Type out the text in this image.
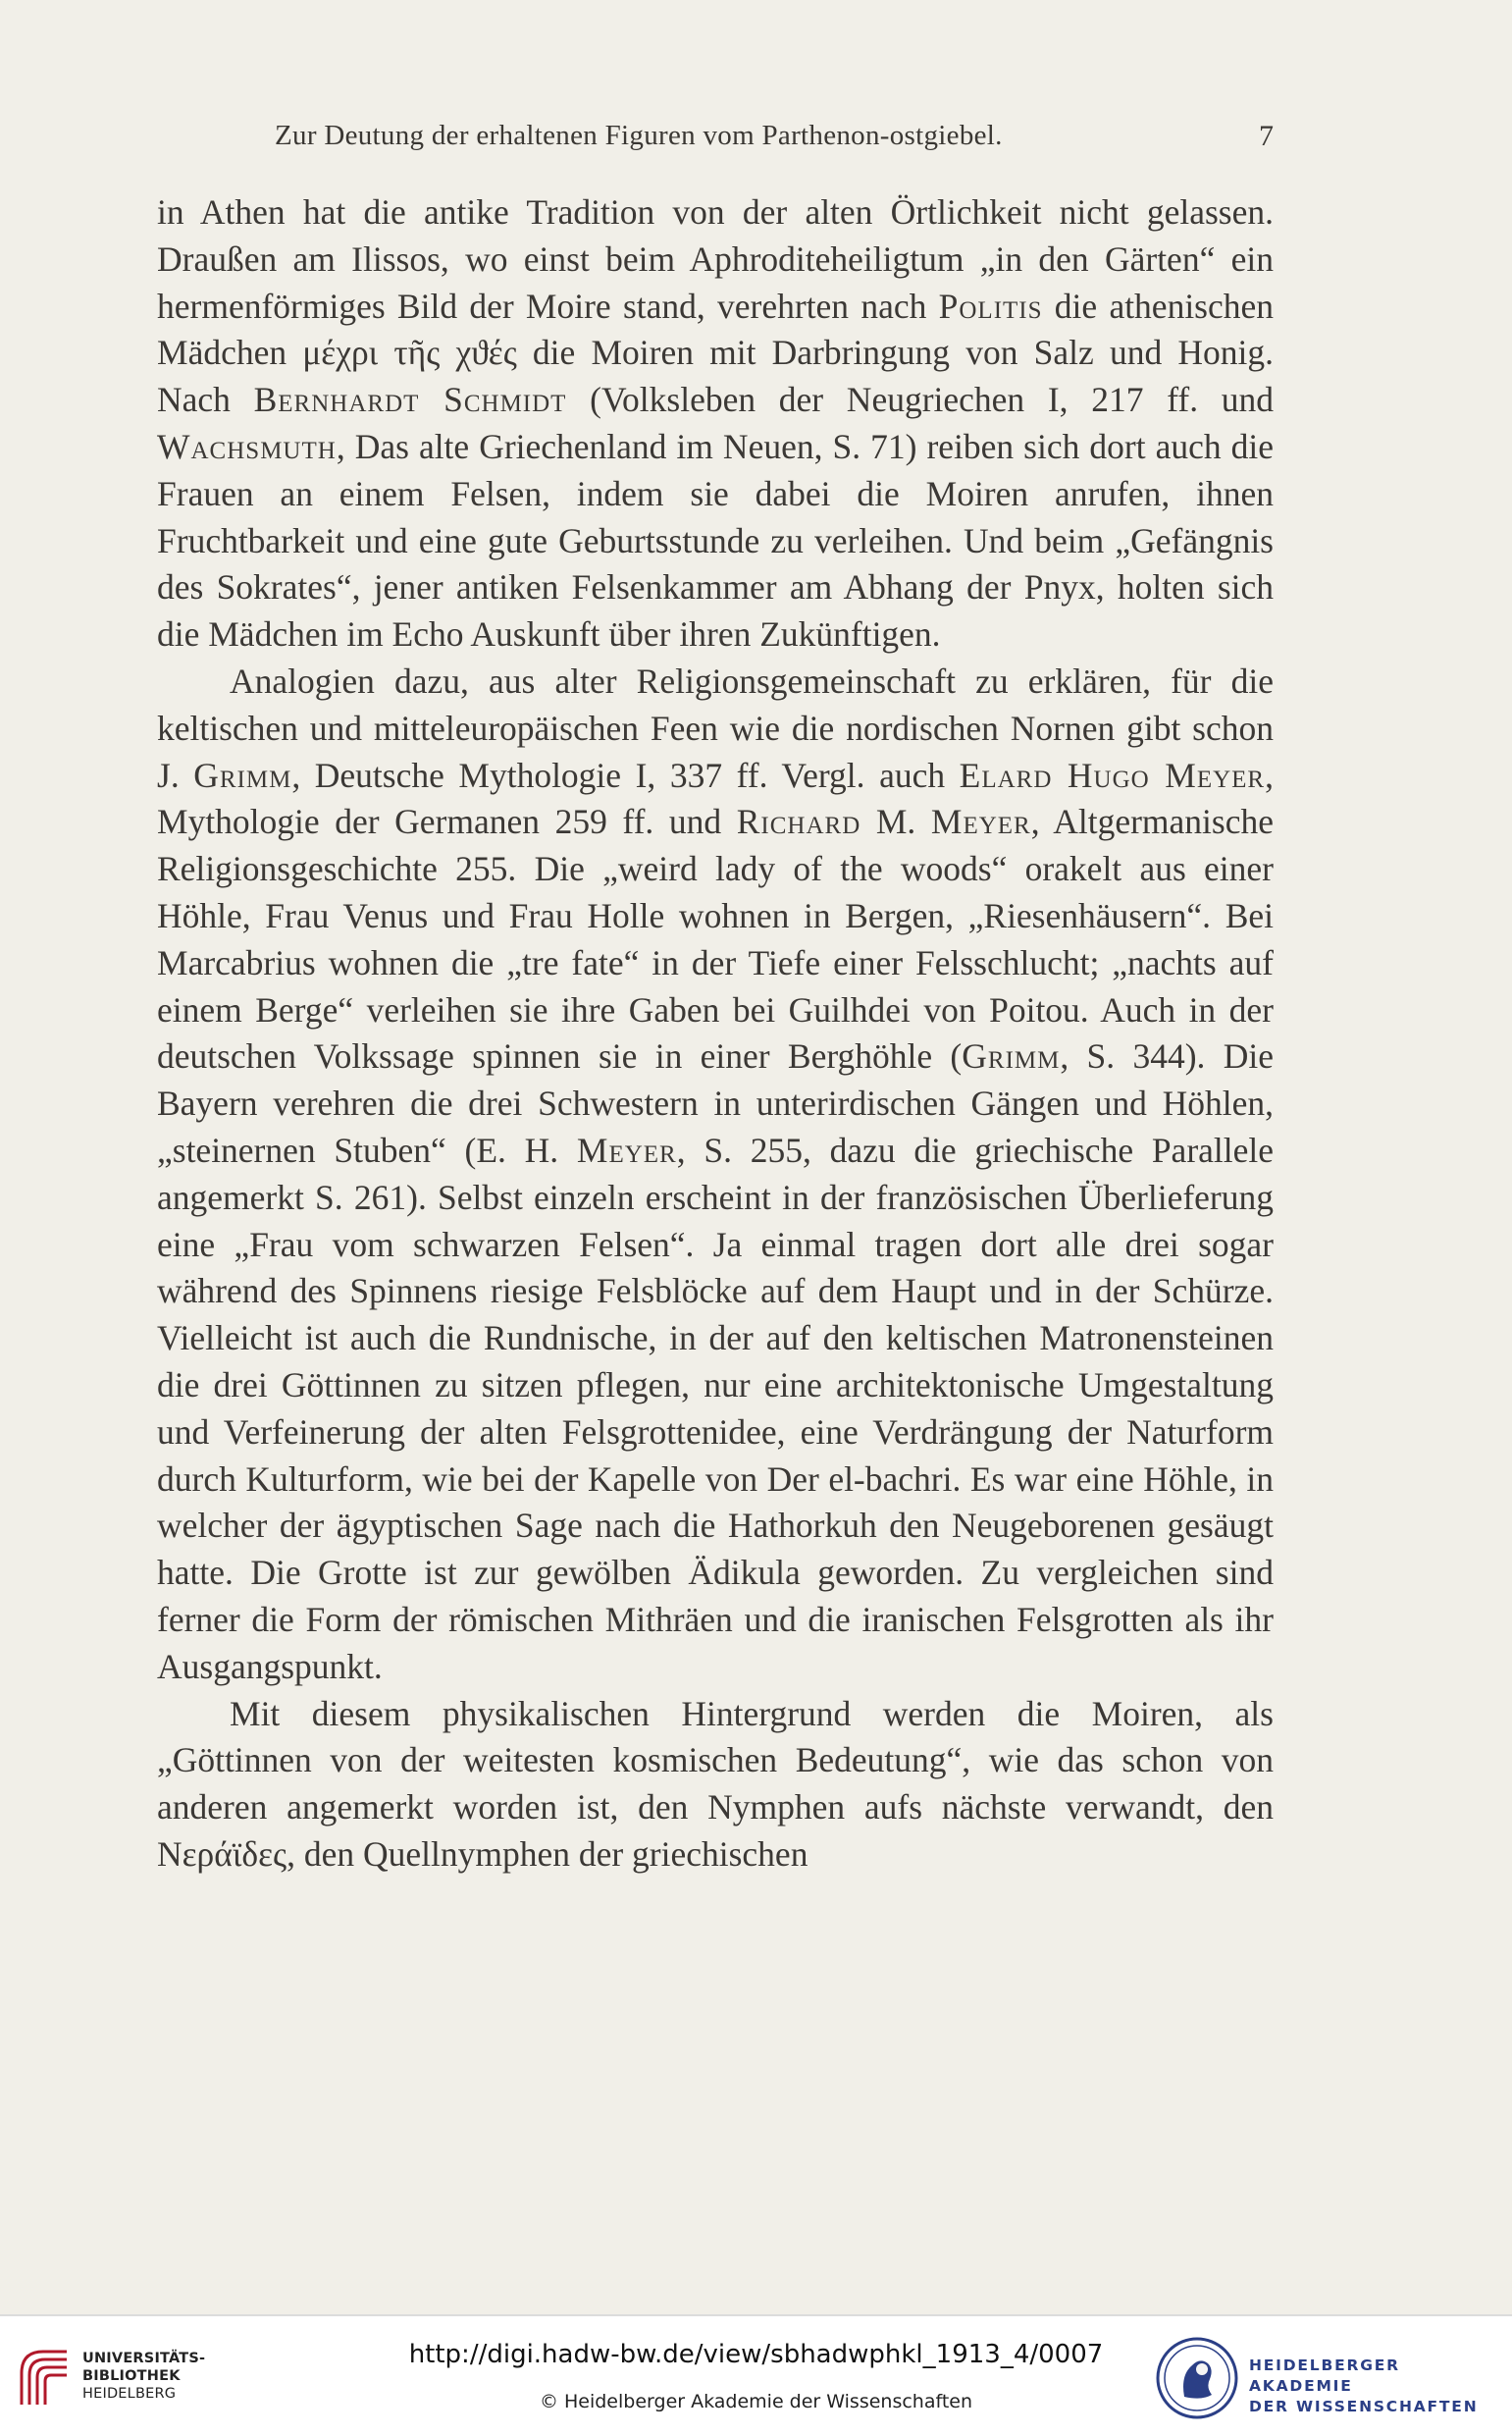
Zur Deutung der erhaltenen Figuren vom Parthenon-ostgiebel.	7

in Athen hat die antike Tradition von der alten Örtlichkeit nicht gelassen. Draußen am Ilissos, wo einst beim Aphroditeheiligtum „in den Gärten“ ein hermenförmiges Bild der Moire stand, verehrten nach Politis die athenischen Mädchen μέχρι τῆς χϑές die Moiren mit Darbringung von Salz und Honig. Nach Bernhardt Schmidt (Volksleben der Neugriechen I, 217 ff. und Wachsmuth, Das alte Griechenland im Neuen, S. 71) reiben sich dort auch die Frauen an einem Felsen, indem sie dabei die Moiren anrufen, ihnen Fruchtbarkeit und eine gute Geburtsstunde zu verleihen. Und beim „Gefängnis des Sokrates“, jener antiken Felsenkammer am Abhang der Pnyx, holten sich die Mädchen im Echo Auskunft über ihren Zukünftigen.

Analogien dazu, aus alter Religionsgemeinschaft zu erklären, für die keltischen und mitteleuropäischen Feen wie die nordischen Nornen gibt schon J. Grimm, Deutsche Mythologie I, 337 ff. Vergl. auch Elard Hugo Meyer, Mythologie der Germanen 259 ff. und Richard M. Meyer, Altgermanische Religionsgeschichte 255. Die „weird lady of the woods“ orakelt aus einer Höhle, Frau Venus und Frau Holle wohnen in Bergen, „Riesenhäusern“. Bei Marcabrius wohnen die „tre fate“ in der Tiefe einer Felsschlucht; „nachts auf einem Berge“ verleihen sie ihre Gaben bei Guilhdei von Poitou. Auch in der deutschen Volkssage spinnen sie in einer Berghöhle (Grimm, S. 344). Die Bayern verehren die drei Schwestern in unterirdischen Gängen und Höhlen, „steinernen Stuben“ (E. H. Meyer, S. 255, dazu die griechische Parallele angemerkt S. 261). Selbst einzeln erscheint in der französischen Überlieferung eine „Frau vom schwarzen Felsen“. Ja einmal tragen dort alle drei sogar während des Spinnens riesige Felsblöcke auf dem Haupt und in der Schürze. Vielleicht ist auch die Rundnische, in der auf den keltischen Matronensteinen die drei Göttinnen zu sitzen pflegen, nur eine architektonische Umgestaltung und Verfeinerung der alten Felsgrottenidee, eine Verdrängung der Naturform durch Kulturform, wie bei der Kapelle von Der el-bachri. Es war eine Höhle, in welcher der ägyptischen Sage nach die Hathorkuh den Neugeborenen gesäugt hatte. Die Grotte ist zur gewölben Ädikula geworden. Zu vergleichen sind ferner die Form der römischen Mithräen und die iranischen Felsgrotten als ihr Ausgangspunkt.

Mit diesem physikalischen Hintergrund werden die Moiren, als „Göttinnen von der weitesten kosmischen Bedeutung“, wie das schon von anderen angemerkt worden ist, den Nymphen aufs nächste verwandt, den Νεράϊδες, den Quellnymphen der griechischen

UNIVERSITÄTS-
BIBLIOTHEK
HEIDELBERG
http://digi.hadw-bw.de/view/sbhadwphkl_1913_4/0007
© Heidelberger Akademie der Wissenschaften
HEIDELBERGER AKADEMIE
DER WISSENSCHAFTEN
